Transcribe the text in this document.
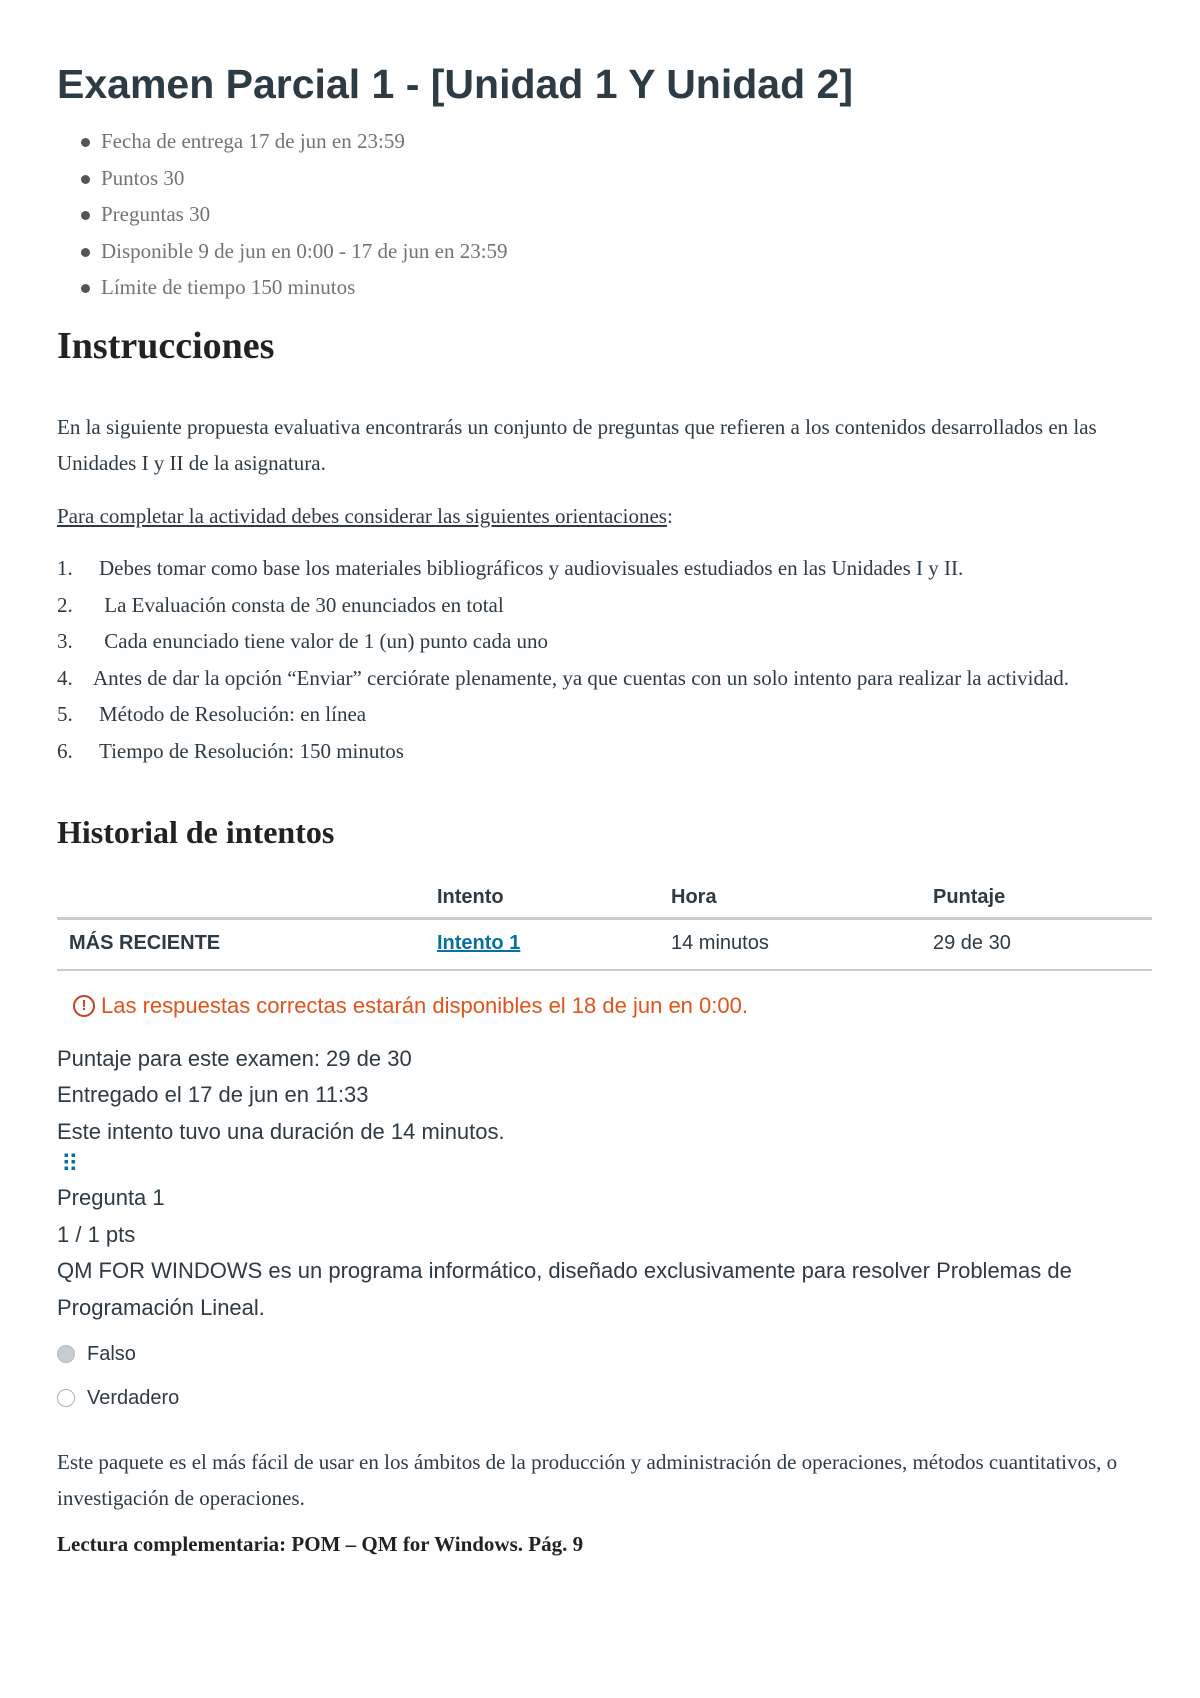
Examen Parcial 1 - [Unidad 1 Y Unidad 2]
Fecha de entrega 17 de jun en 23:59
Puntos 30
Preguntas 30
Disponible 9 de jun en 0:00 - 17 de jun en 23:59
Límite de tiempo 150 minutos
Instrucciones

En la siguiente propuesta evaluativa encontrarás un conjunto de preguntas que refieren a los contenidos desarrollados en las Unidades I y II de la asignatura.

Para completar la actividad debes considerar las siguientes orientaciones:

1. Debes tomar como base los materiales bibliográficos y audiovisuales estudiados en las Unidades I y II.
2. La Evaluación consta de 30 enunciados en total
3. Cada enunciado tiene valor de 1 (un) punto cada uno
4. Antes de dar la opción “Enviar” cerciórate plenamente, ya que cuentas con un solo intento para realizar la actividad.
5. Método de Resolución: en línea
6. Tiempo de Resolución: 150 minutos
Historial de intentos
	Intento	Hora	Puntaje
MÁS RECIENTE	Intento 1	14 minutos	29 de 30
! Las respuestas correctas estarán disponibles el 18 de jun en 0:00.
Puntaje para este examen: 29 de 30
Entregado el 17 de jun en 11:33
Este intento tuvo una duración de 14 minutos.
⠿
Pregunta 1
1 / 1 pts
QM FOR WINDOWS es un programa informático, diseñado exclusivamente para resolver Problemas de Programación Lineal.
Falso
Verdadero

Este paquete es el más fácil de usar en los ámbitos de la producción y administración de operaciones, métodos cuantitativos, o investigación de operaciones.

Lectura complementaria: POM – QM for Windows. Pág. 9
